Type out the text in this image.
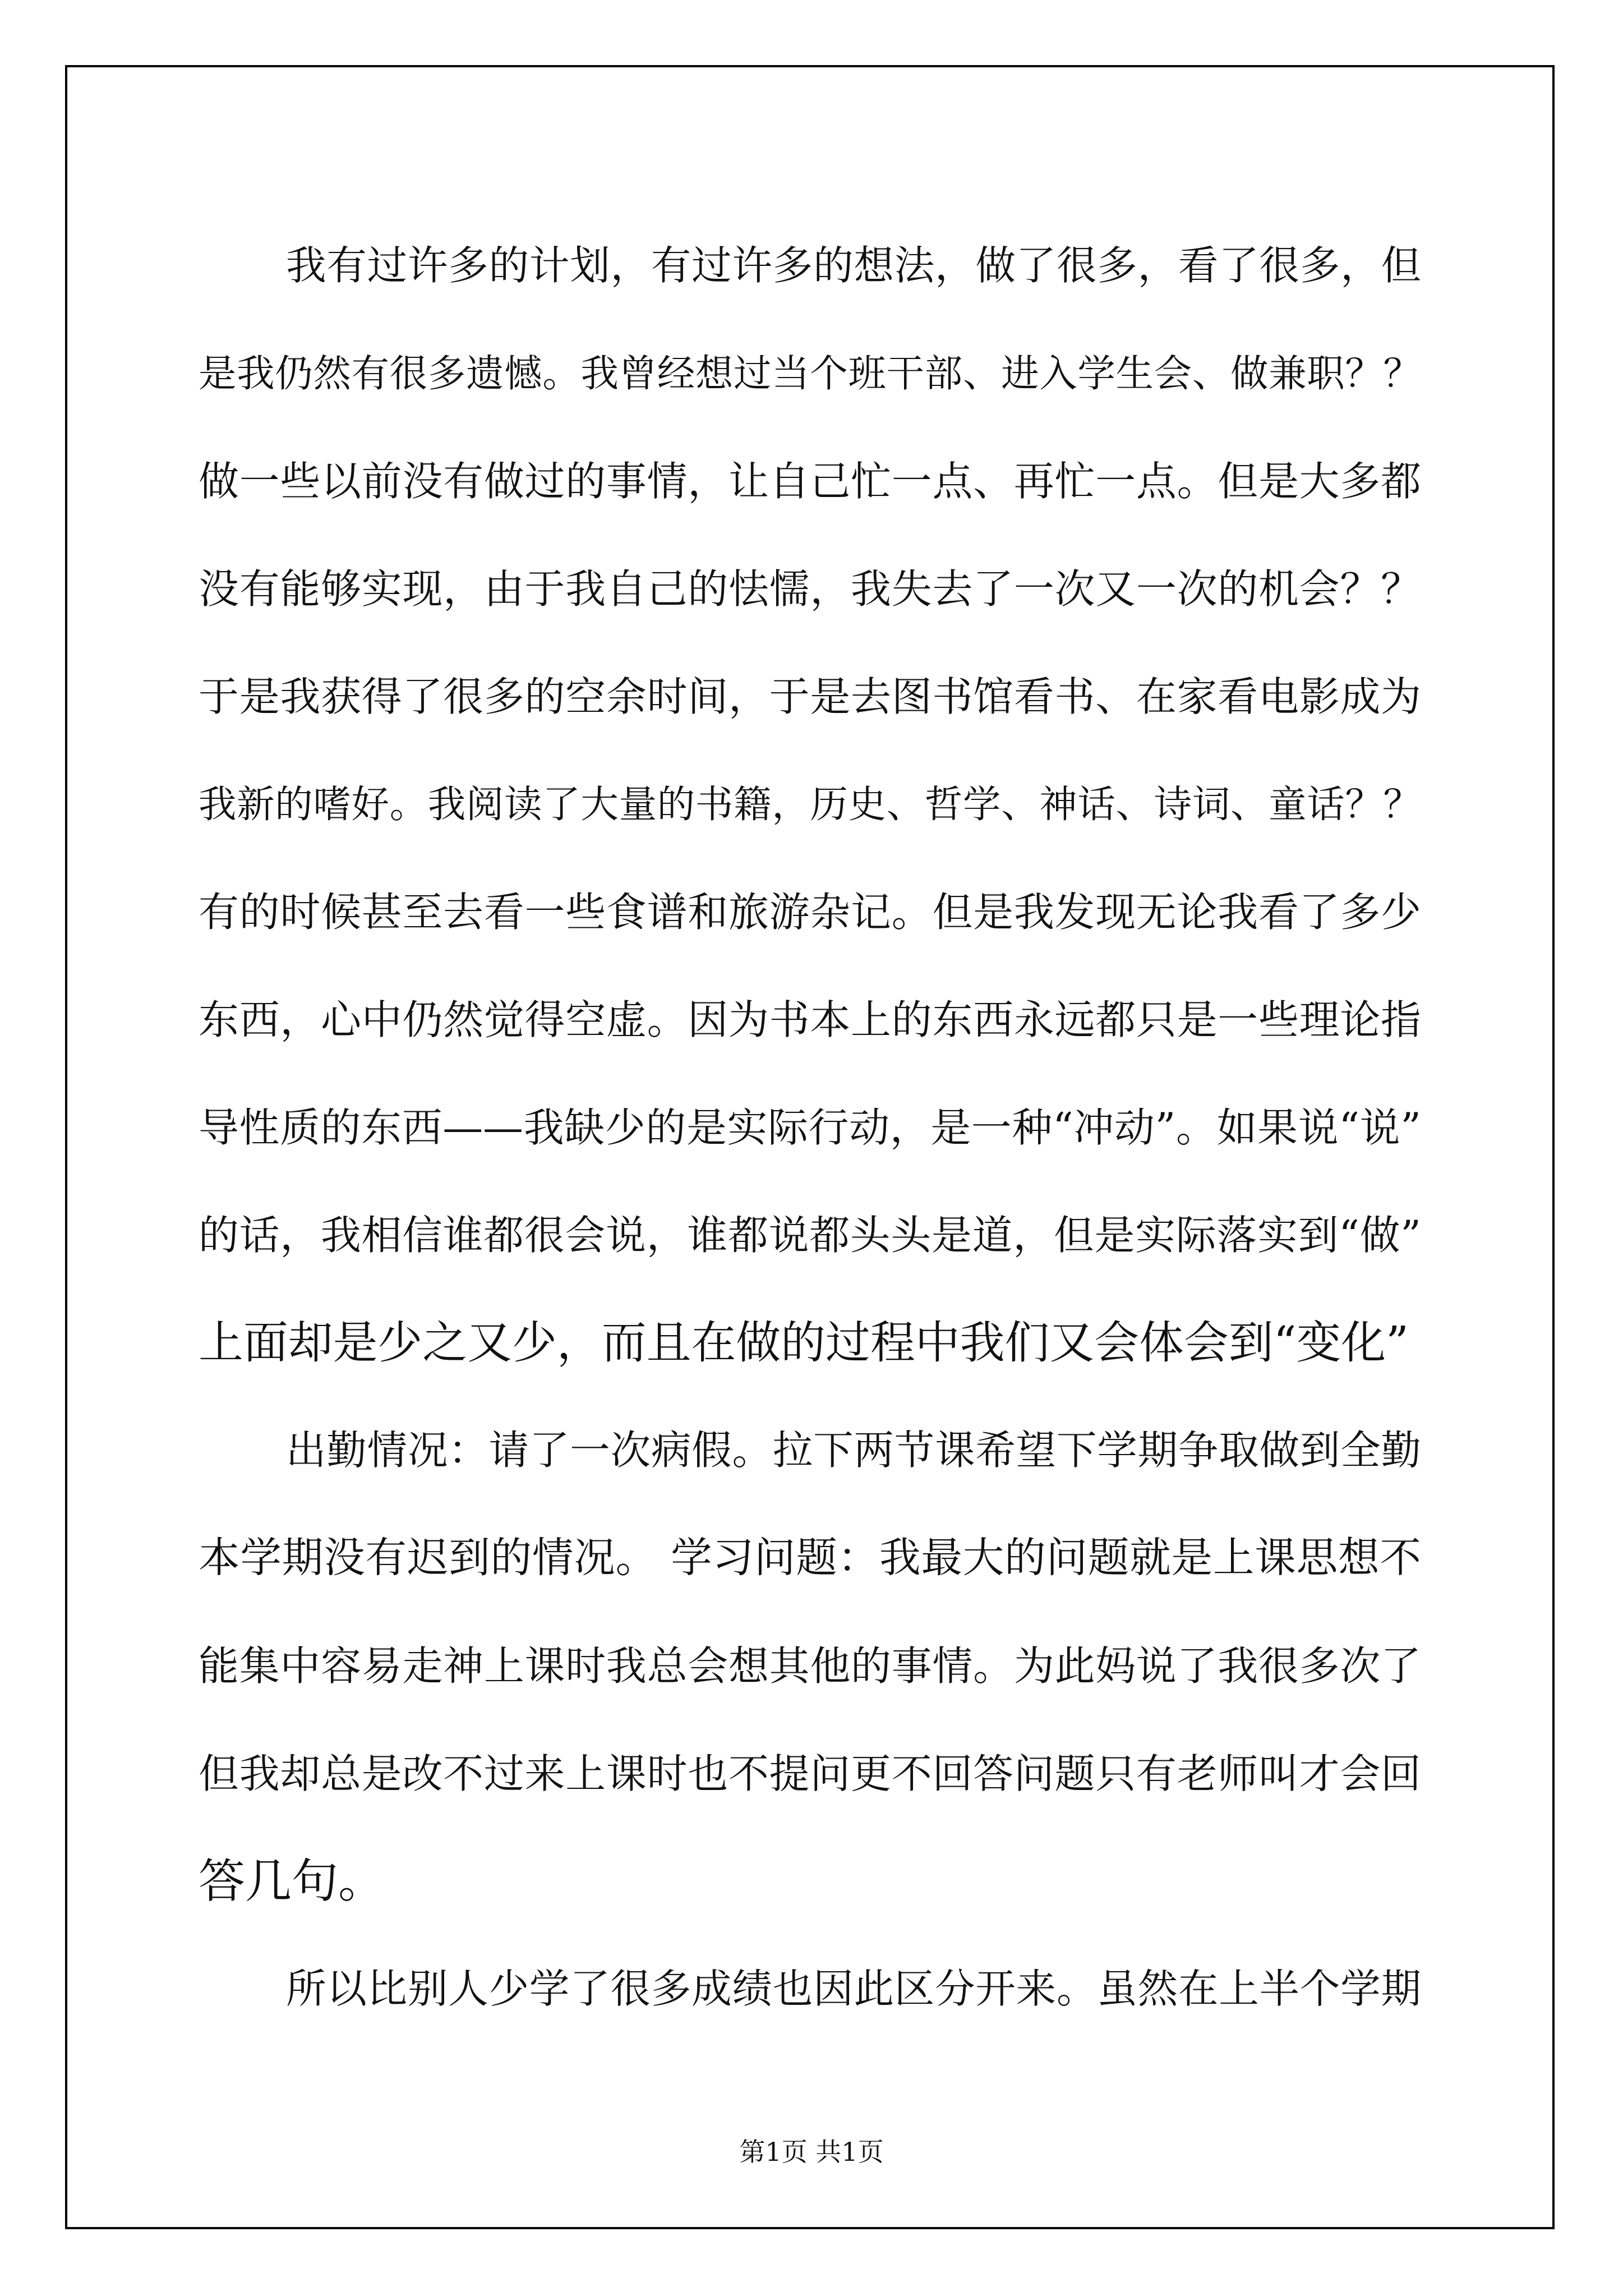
我有过许多的计划，有过许多的想法，做了很多，看了很多，但
是我仍然有很多遗憾。我曾经想过当个班干部、进入学生会、做兼职？？
做一些以前没有做过的事情，让自己忙一点、再忙一点。但是大多都
没有能够实现，由于我自己的怯懦，我失去了一次又一次的机会？？
于是我获得了很多的空余时间，于是去图书馆看书、在家看电影成为
我新的嗜好。我阅读了大量的书籍，历史、哲学、神话、诗词、童话？？
有的时候甚至去看一些食谱和旅游杂记。但是我发现无论我看了多少
东西，心中仍然觉得空虚。因为书本上的东西永远都只是一些理论指
导性质的东西——我缺少的是实际行动，是一种“冲动”。如果说“说”
的话，我相信谁都很会说，谁都说都头头是道，但是实际落实到“做”
上面却是少之又少，而且在做的过程中我们又会体会到“变化”
出勤情况：请了一次病假。拉下两节课希望下学期争取做到全勤
本学期没有迟到的情况。 学习问题：我最大的问题就是上课思想不
能集中容易走神上课时我总会想其他的事情。为此妈说了我很多次了
但我却总是改不过来上课时也不提问更不回答问题只有老师叫才会回
答几句。
所以比别人少学了很多成绩也因此区分开来。虽然在上半个学期
第1页 共1页
